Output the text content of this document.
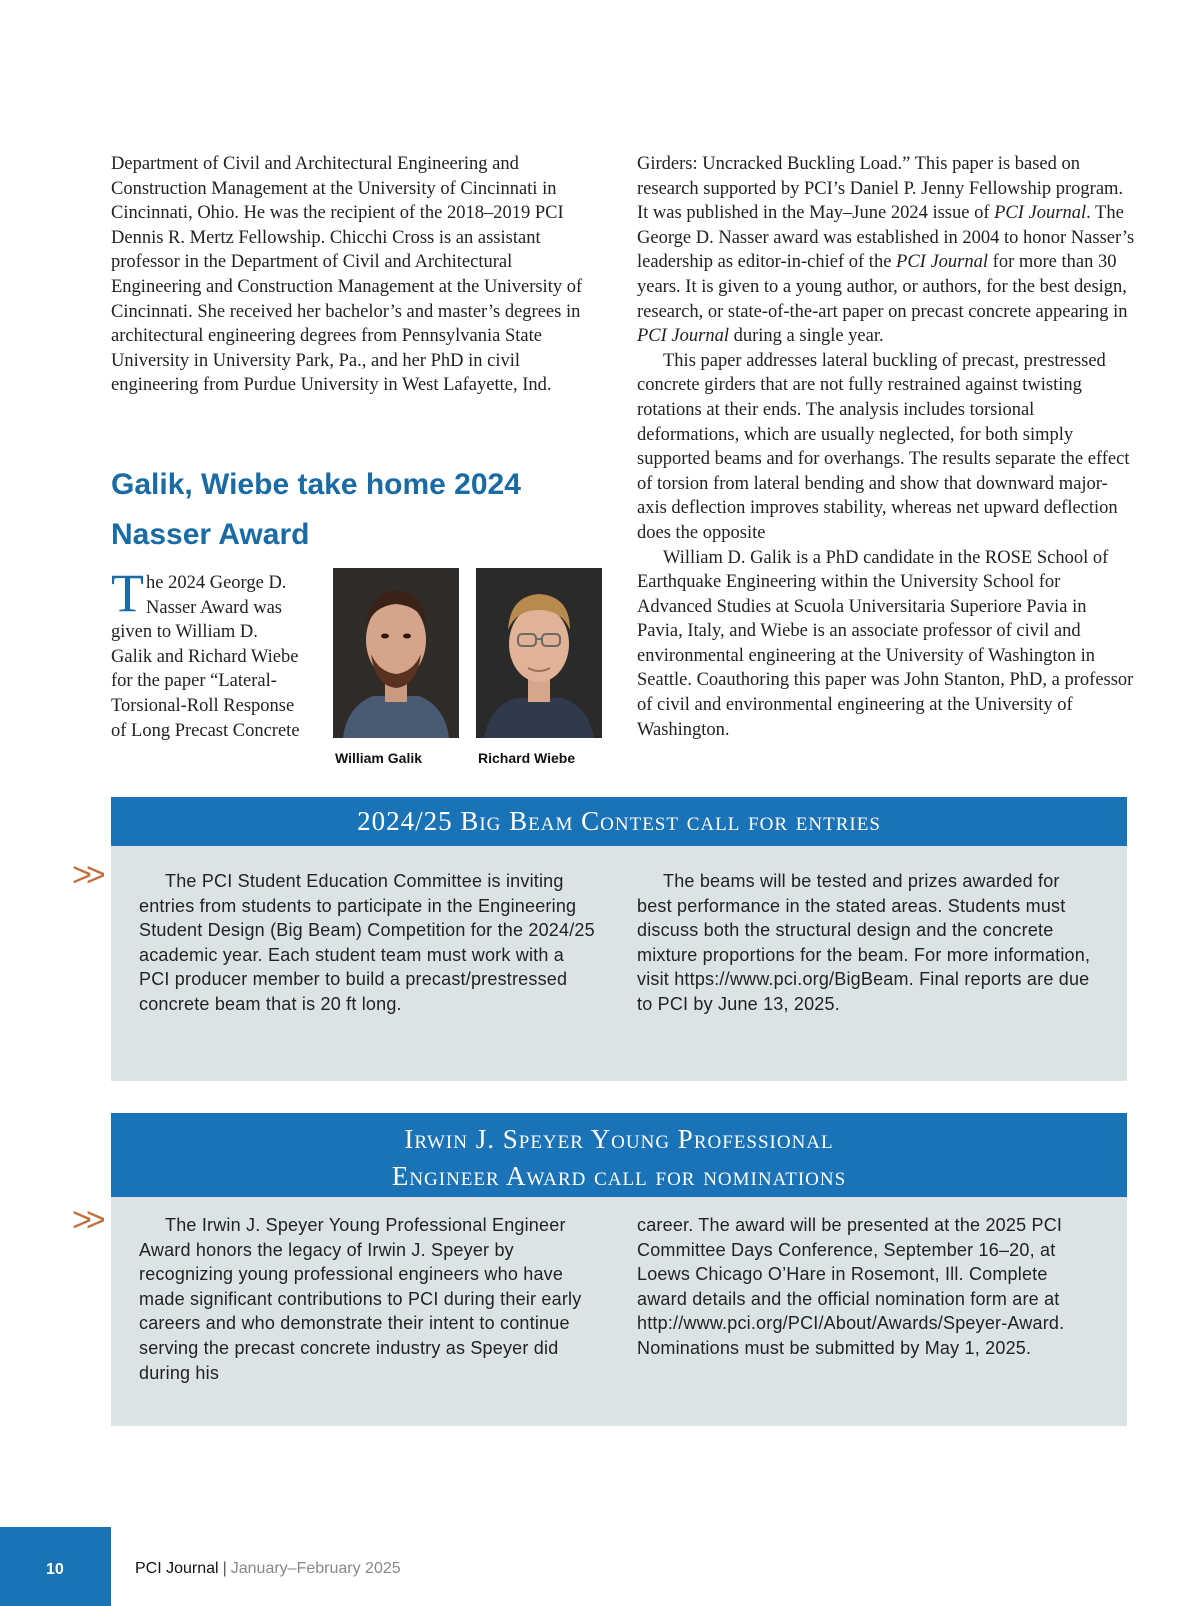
Department of Civil and Architectural Engineering and Construction Management at the University of Cincinnati in Cincinnati, Ohio. He was the recipient of the 2018–2019 PCI Dennis R. Mertz Fellowship. Chicchi Cross is an assistant professor in the Department of Civil and Architectural Engineering and Construction Management at the University of Cincinnati. She received her bachelor’s and master’s degrees in architectural engineering degrees from Pennsylvania State University in University Park, Pa., and her PhD in civil engineering from Purdue University in West Lafayette, Ind.

Galik, Wiebe take home 2024 Nasser Award
The 2024 George D. Nasser Award was given to William D. Galik and Richard Wiebe for the paper “Lateral-Torsional-Roll Response of Long Precast Concrete
William Galik	Richard Wiebe

Girders: Uncracked Buckling Load.” This paper is based on research supported by PCI’s Daniel P. Jenny Fellowship program. It was published in the May–June 2024 issue of PCI Journal. The George D. Nasser award was established in 2004 to honor Nasser’s leadership as editor-in-chief of the PCI Journal for more than 30 years. It is given to a young author, or authors, for the best design, research, or state-of-the-art paper on precast concrete appearing in PCI Journal during a single year.

This paper addresses lateral buckling of precast, prestressed concrete girders that are not fully restrained against twisting rotations at their ends. The analysis includes torsional deformations, which are usually neglected, for both simply supported beams and for overhangs. The results separate the effect of torsion from lateral bending and show that downward major-axis deflection improves stability, whereas net upward deflection does the opposite

William D. Galik is a PhD candidate in the ROSE School of Earthquake Engineering within the University School for Advanced Studies at Scuola Universitaria Superiore Pavia in Pavia, Italy, and Wiebe is an associate professor of civil and environmental engineering at the University of Washington in Seattle. Coauthoring this paper was John Stanton, PhD, a professor of civil and environmental engineering at the University of Washington.

2024/25 Big Beam Contest call for entries

The PCI Student Education Committee is inviting entries from students to participate in the Engineering Student Design (Big Beam) Competition for the 2024/25 academic year. Each student team must work with a PCI producer member to build a precast/prestressed concrete beam that is 20 ft long.

The beams will be tested and prizes awarded for best performance in the stated areas. Students must discuss both the structural design and the concrete mixture proportions for the beam. For more information, visit https://www.pci.org/BigBeam. Final reports are due to PCI by June 13, 2025.

>>
Irwin J. Speyer Young Professional
Engineer Award call for nominations

The Irwin J. Speyer Young Professional Engineer Award honors the legacy of Irwin J. Speyer by recognizing young professional engineers who have made significant contributions to PCI during their early careers and who demonstrate their intent to continue serving the precast concrete industry as Speyer did during his

career. The award will be presented at the 2025 PCI Committee Days Conference, September 16–20, at Loews Chicago O’Hare in Rosemont, Ill. Complete award details and the official nomination form are at http://www.pci.org/PCI/About/Awards/Speyer-Award. Nominations must be submitted by May 1, 2025.

>>
10	PCI Journal | January–February 2025
